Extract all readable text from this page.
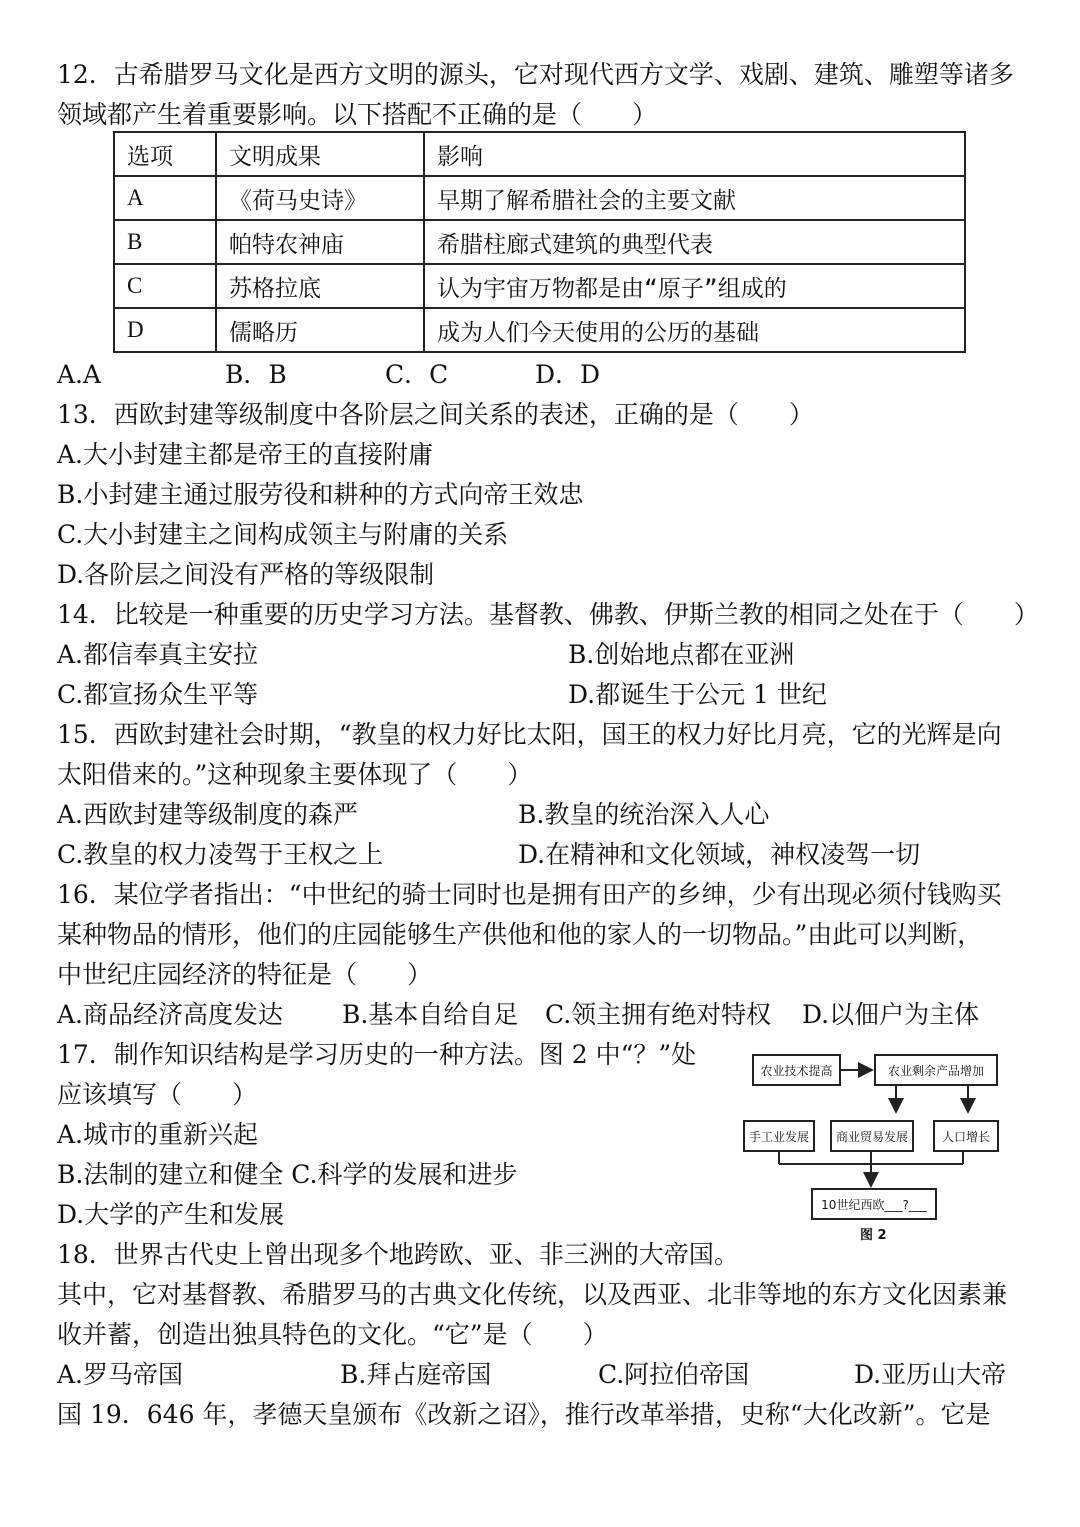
12．古希腊罗马文化是西方文明的源头，它对现代西方文学、戏剧、建筑、雕塑等诸多
领域都产生着重要影响。以下搭配不正确的是（　　）
选项	文明成果	影响
A	《荷马史诗》	早期了解希腊社会的主要文献
B	帕特农神庙	希腊柱廊式建筑的典型代表
C	苏格拉底	认为宇宙万物都是由“原子”组成的
D	儒略历	成为人们今天使用的公历的基础
A.A	B．B	C．C	D．D
13．西欧封建等级制度中各阶层之间关系的表述，正确的是（　　）
A.大小封建主都是帝王的直接附庸
B.小封建主通过服劳役和耕种的方式向帝王效忠
C.大小封建主之间构成领主与附庸的关系
D.各阶层之间没有严格的等级限制
14．比较是一种重要的历史学习方法。基督教、佛教、伊斯兰教的相同之处在于（　　）
A.都信奉真主安拉	B.创始地点都在亚洲
C.都宣扬众生平等	D.都诞生于公元 1 世纪
15．西欧封建社会时期，“教皇的权力好比太阳，国王的权力好比月亮，它的光辉是向
太阳借来的。”这种现象主要体现了（　　）
A.西欧封建等级制度的森严	B.教皇的统治深入人心
C.教皇的权力凌驾于王权之上	D.在精神和文化领域，神权凌驾一切
16．某位学者指出：“中世纪的骑士同时也是拥有田产的乡绅，少有出现必须付钱购买
某种物品的情形，他们的庄园能够生产供他和他的家人的一切物品。”由此可以判断，
中世纪庄园经济的特征是（　　）
A.商品经济高度发达 B.基本自给自足 C.领主拥有绝对特权 D.以佃户为主体
17．制作知识结构是学习历史的一种方法。图 2 中“？”处
应该填写（　　）
A.城市的重新兴起
B.法制的建立和健全 C.科学的发展和进步
D.大学的产生和发展
农业技术提高	农业剩余产品增加
手工业发展	商业贸易发展	人口增长
10世纪西欧___?___
图 2
18．世界古代史上曾出现多个地跨欧、亚、非三洲的大帝国。
其中，它对基督教、希腊罗马的古典文化传统，以及西亚、北非等地的东方文化因素兼
收并蓄，创造出独具特色的文化。“它”是（　　）
A.罗马帝国	B.拜占庭帝国	C.阿拉伯帝国	D.亚历山大帝
国 19．646 年，孝德天皇颁布《改新之诏》，推行改革举措，史称“大化改新”。它是
